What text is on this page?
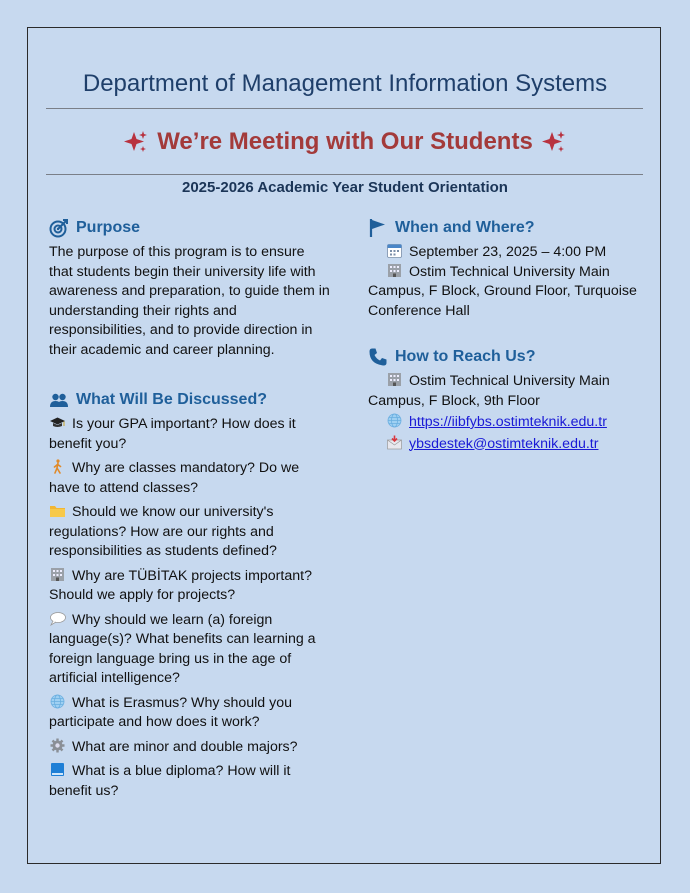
Department of Management Information Systems
We’re Meeting with Our Students
2025-2026 Academic Year Student Orientation
Purpose
The purpose of this program is to ensure that students begin their university life with awareness and preparation, to guide them in understanding their rights and responsibilities, and to provide direction in their academic and career planning.
What Will Be Discussed?
Is your GPA important? How does it benefit you?
Why are classes mandatory? Do we have to attend classes?
Should we know our university's regulations? How are our rights and responsibilities as students defined?
Why are TÜBİTAK projects important? Should we apply for projects?
Why should we learn (a) foreign language(s)? What benefits can learning a foreign language bring us in the age of artificial intelligence?
What is Erasmus? Why should you participate and how does it work?
What are minor and double majors?
What is a blue diploma? How will it benefit us?
When and Where?
September 23, 2025 – 4:00 PM
Ostim Technical University Main Campus, F Block, Ground Floor, Turquoise Conference Hall
How to Reach Us?
Ostim Technical University Main Campus, F Block, 9th Floor
https://iibfybs.ostimteknik.edu.tr
ybsdestek@ostimteknik.edu.tr
